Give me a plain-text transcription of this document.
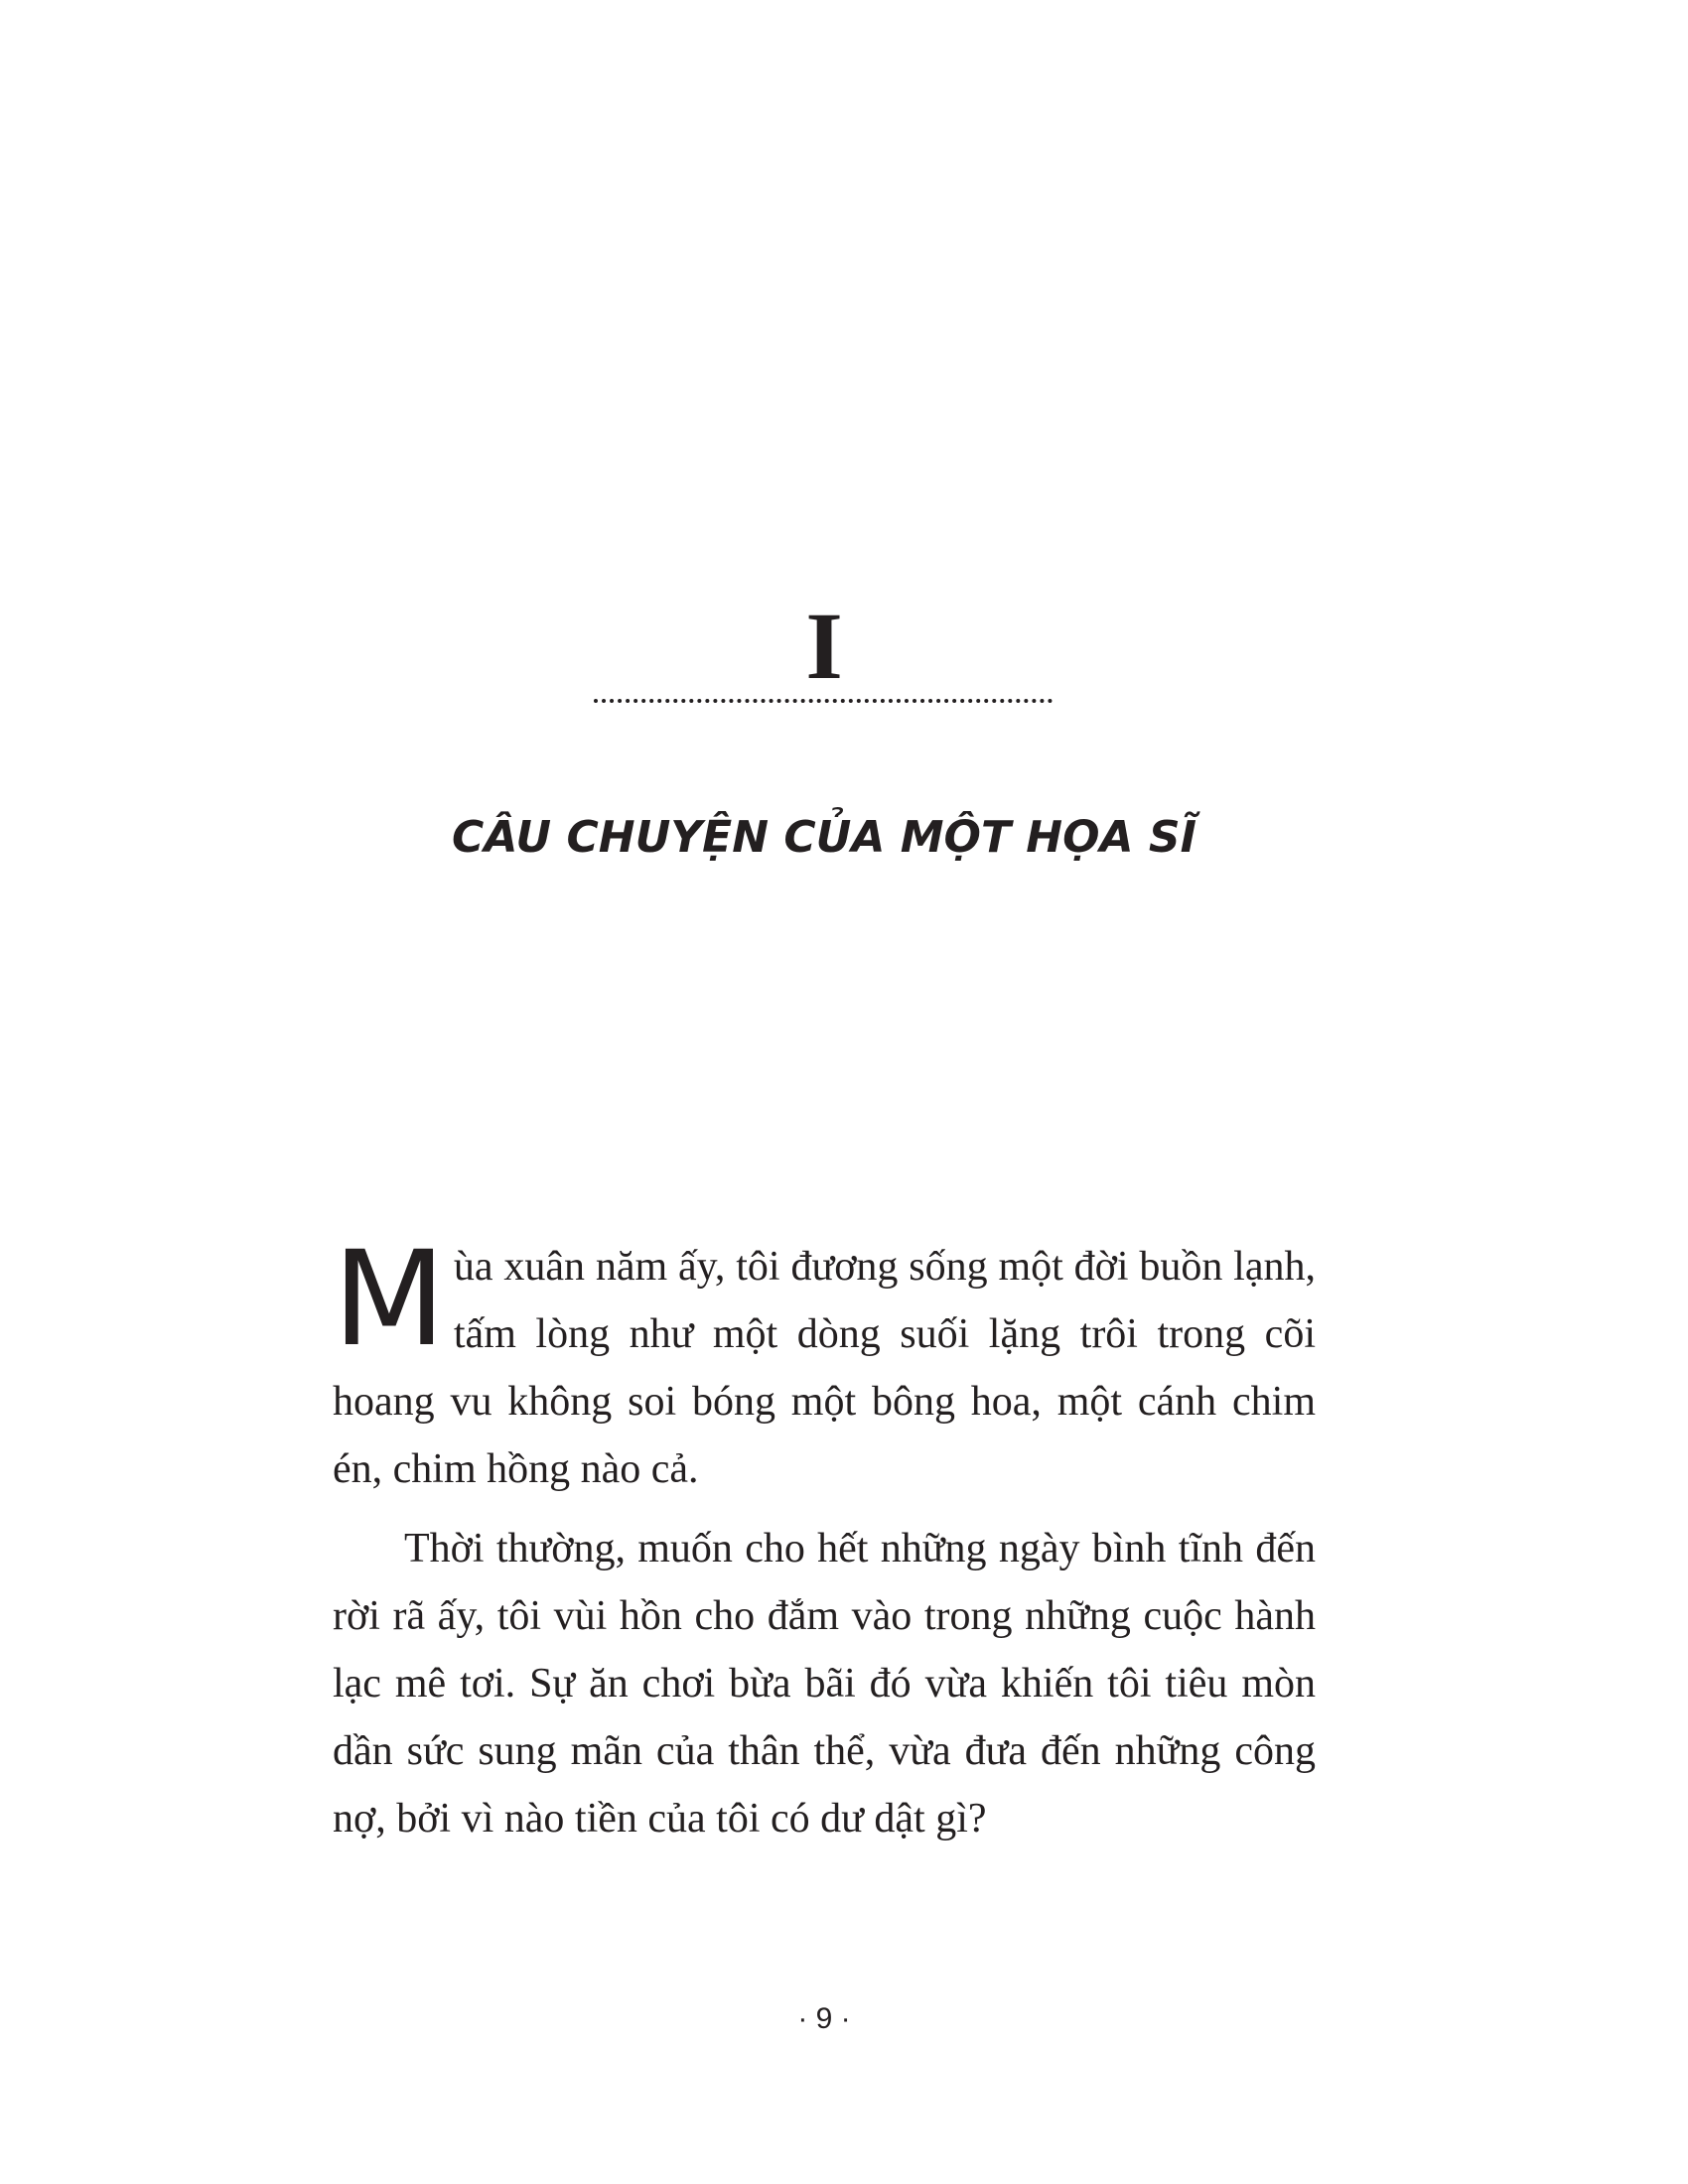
I
CÂU CHUYỆN CỦA MỘT HỌA SĨ

Mùa xuân năm ấy, tôi đương sống một đời buồn lạnh, tấm lòng như một dòng suối lặng trôi trong cõi hoang vu không soi bóng một bông hoa, một cánh chim én, chim hồng nào cả.

Thời thường, muốn cho hết những ngày bình tĩnh đến rời rã ấy, tôi vùi hồn cho đắm vào trong những cuộc hành lạc mê tơi. Sự ăn chơi bừa bãi đó vừa khiến tôi tiêu mòn dần sức sung mãn của thân thể, vừa đưa đến những công nợ, bởi vì nào tiền của tôi có dư dật gì?

· 9 ·
